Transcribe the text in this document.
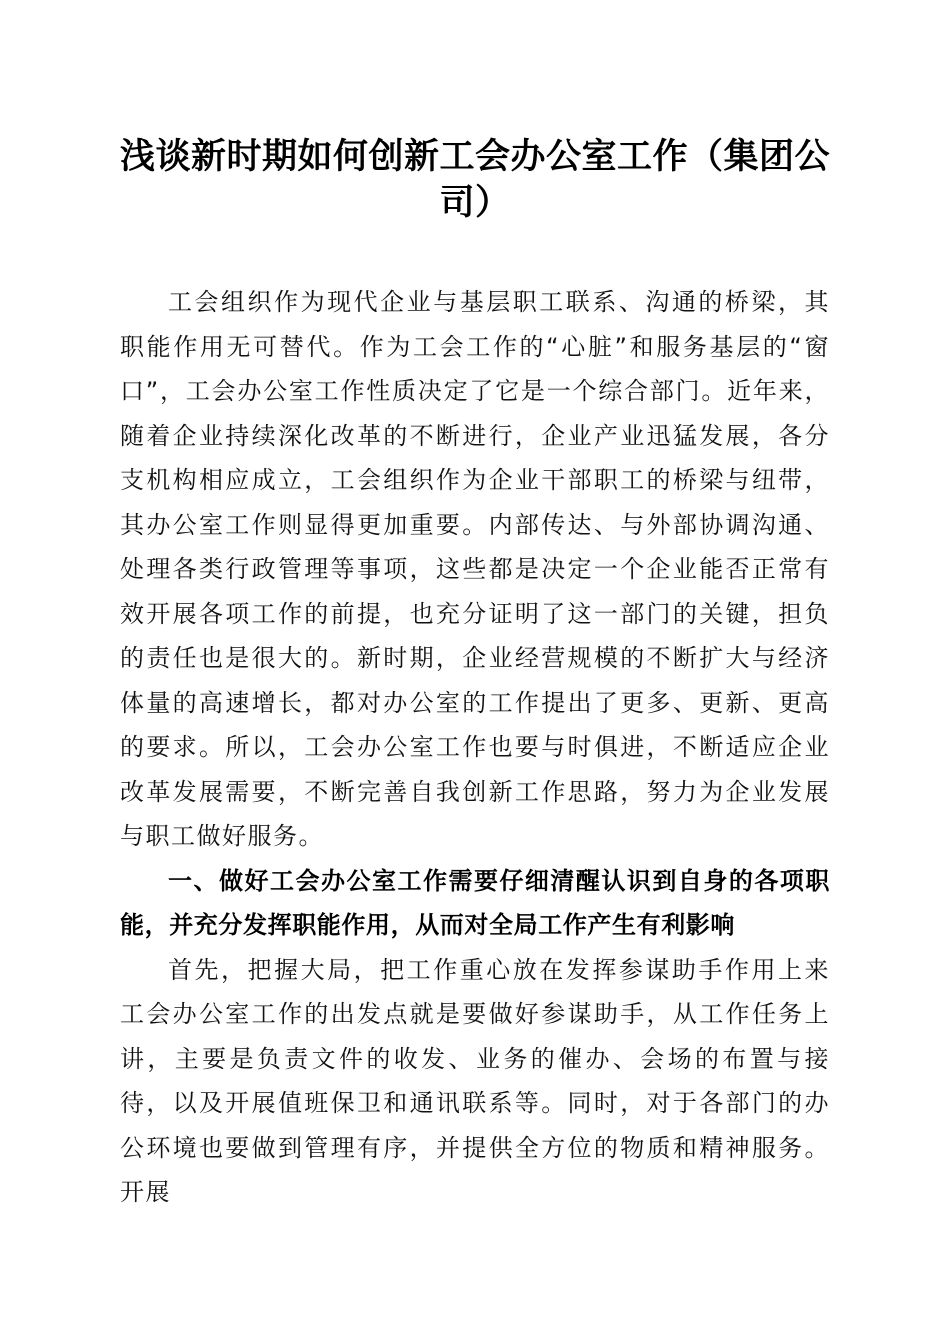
浅谈新时期如何创新工会办公室工作（集团公
司）

工会组织作为现代企业与基层职工联系、沟通的桥梁，其职能作用无可替代。作为工会工作的“心脏”和服务基层的“窗口”，工会办公室工作性质决定了它是一个综合部门。近年来，随着企业持续深化改革的不断进行，企业产业迅猛发展，各分支机构相应成立，工会组织作为企业干部职工的桥梁与纽带，其办公室工作则显得更加重要。内部传达、与外部协调沟通、处理各类行政管理等事项，这些都是决定一个企业能否正常有效开展各项工作的前提，也充分证明了这一部门的关键，担负的责任也是很大的。新时期，企业经营规模的不断扩大与经济体量的高速增长，都对办公室的工作提出了更多、更新、更高的要求。所以，工会办公室工作也要与时俱进，不断适应企业改革发展需要，不断完善自我创新工作思路，努力为企业发展与职工做好服务。

一、做好工会办公室工作需要仔细清醒认识到自身的各项职能，并充分发挥职能作用，从而对全局工作产生有利影响

首先，把握大局，把工作重心放在发挥参谋助手作用上来工会办公室工作的出发点就是要做好参谋助手，从工作任务上讲，主要是负责文件的收发、业务的催办、会场的布置与接待，以及开展值班保卫和通讯联系等。同时，对于各部门的办公环境也要做到管理有序，并提供全方位的物质和精神服务。开展
